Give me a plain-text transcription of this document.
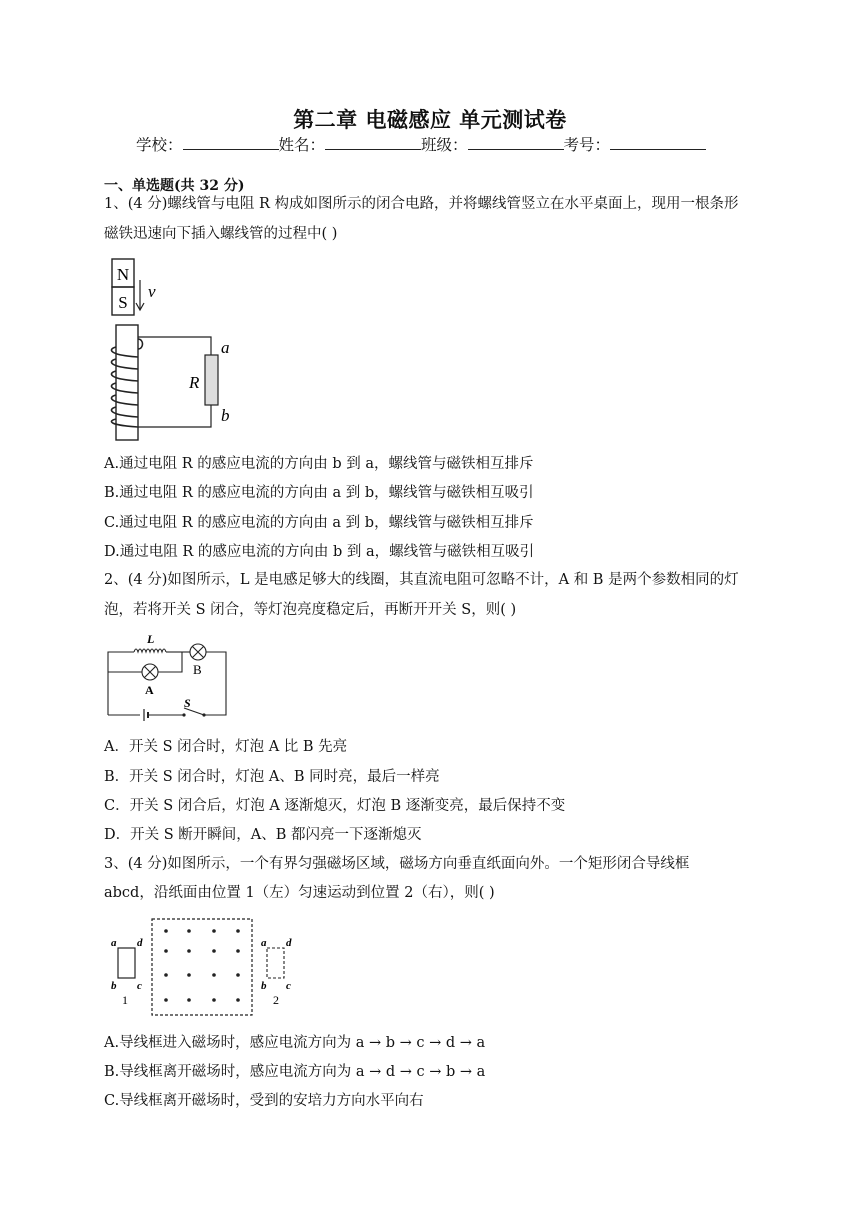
第二章 电磁感应 单元测试卷
学校：	姓名：	班级：	考号：
一、单选题(共 32 分)
1、(4 分)螺线管与电阻 R 构成如图所示的闭合电路，并将螺线管竖立在水平桌面上，现用一根条形
磁铁迅速向下插入螺线管的过程中( )
N
S
v
R
a
b
A.通过电阻 R 的感应电流的方向由 b 到 a，螺线管与磁铁相互排斥
B.通过电阻 R 的感应电流的方向由 a 到 b，螺线管与磁铁相互吸引
C.通过电阻 R 的感应电流的方向由 a 到 b，螺线管与磁铁相互排斥
D.通过电阻 R 的感应电流的方向由 b 到 a，螺线管与磁铁相互吸引
2、(4 分)如图所示，L 是电感足够大的线圈，其直流电阻可忽略不计，A 和 B 是两个参数相同的灯
泡，若将开关 S 闭合，等灯泡亮度稳定后，再断开开关 S，则( )
L
B
A
S
A．开关 S 闭合时，灯泡 A 比 B 先亮
B．开关 S 闭合时，灯泡 A、B 同时亮，最后一样亮
C．开关 S 闭合后，灯泡 A 逐渐熄灭，灯泡 B 逐渐变亮，最后保持不变
D．开关 S 断开瞬间，A、B 都闪亮一下逐渐熄灭
3、(4 分)如图所示，一个有界匀强磁场区域，磁场方向垂直纸面向外。一个矩形闭合导线框
abcd，沿纸面由位置 1（左）匀速运动到位置 2（右），则( )
a d
b c
a d
b c
1	2
A.导线框进入磁场时，感应电流方向为 a → b → c → d → a
B.导线框离开磁场时，感应电流方向为 a → d → c → b → a
C.导线框离开磁场时，受到的安培力方向水平向右
